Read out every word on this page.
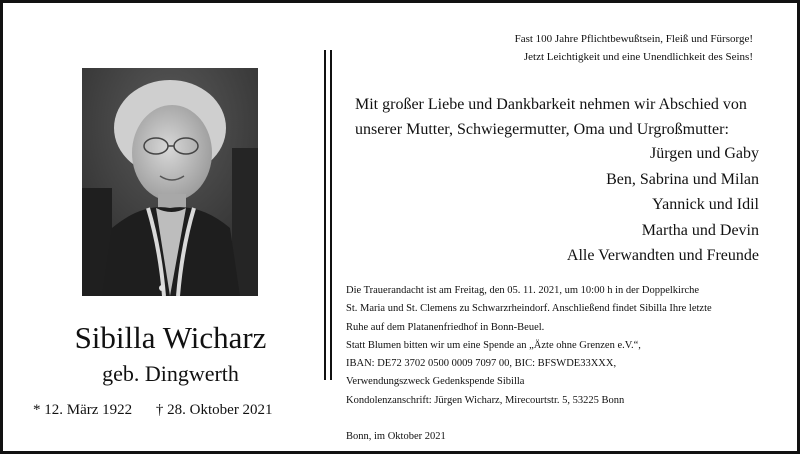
Sibilla Wicharz
geb. Dingwerth
* 12. März 1922 † 28. Oktober 2021
Fast 100 Jahre Pflichtbewußtsein, Fleiß und Fürsorge!
Jetzt Leichtigkeit und eine Unendlichkeit des Seins!
Mit großer Liebe und Dankbarkeit nehmen wir Abschied von
unserer Mutter, Schwiegermutter, Oma und Urgroßmutter:
Jürgen und Gaby
Ben, Sabrina und Milan
Yannick und Idil
Martha und Devin
Alle Verwandten und Freunde
Die Trauerandacht ist am Freitag, den 05. 11. 2021, um 10:00 h in der Doppelkirche
St. Maria und St. Clemens zu Schwarzrheindorf. Anschließend findet Sibilla Ihre letzte
Ruhe auf dem Platanenfriedhof in Bonn-Beuel.
Statt Blumen bitten wir um eine Spende an „Äzte ohne Grenzen e.V.“,
IBAN: DE72 3702 0500 0009 7097 00, BIC: BFSWDE33XXX,
Verwendungszweck Gedenkspende Sibilla
Kondolenzanschrift: Jürgen Wicharz, Mirecourtstr. 5, 53225 Bonn
Bonn, im Oktober 2021
